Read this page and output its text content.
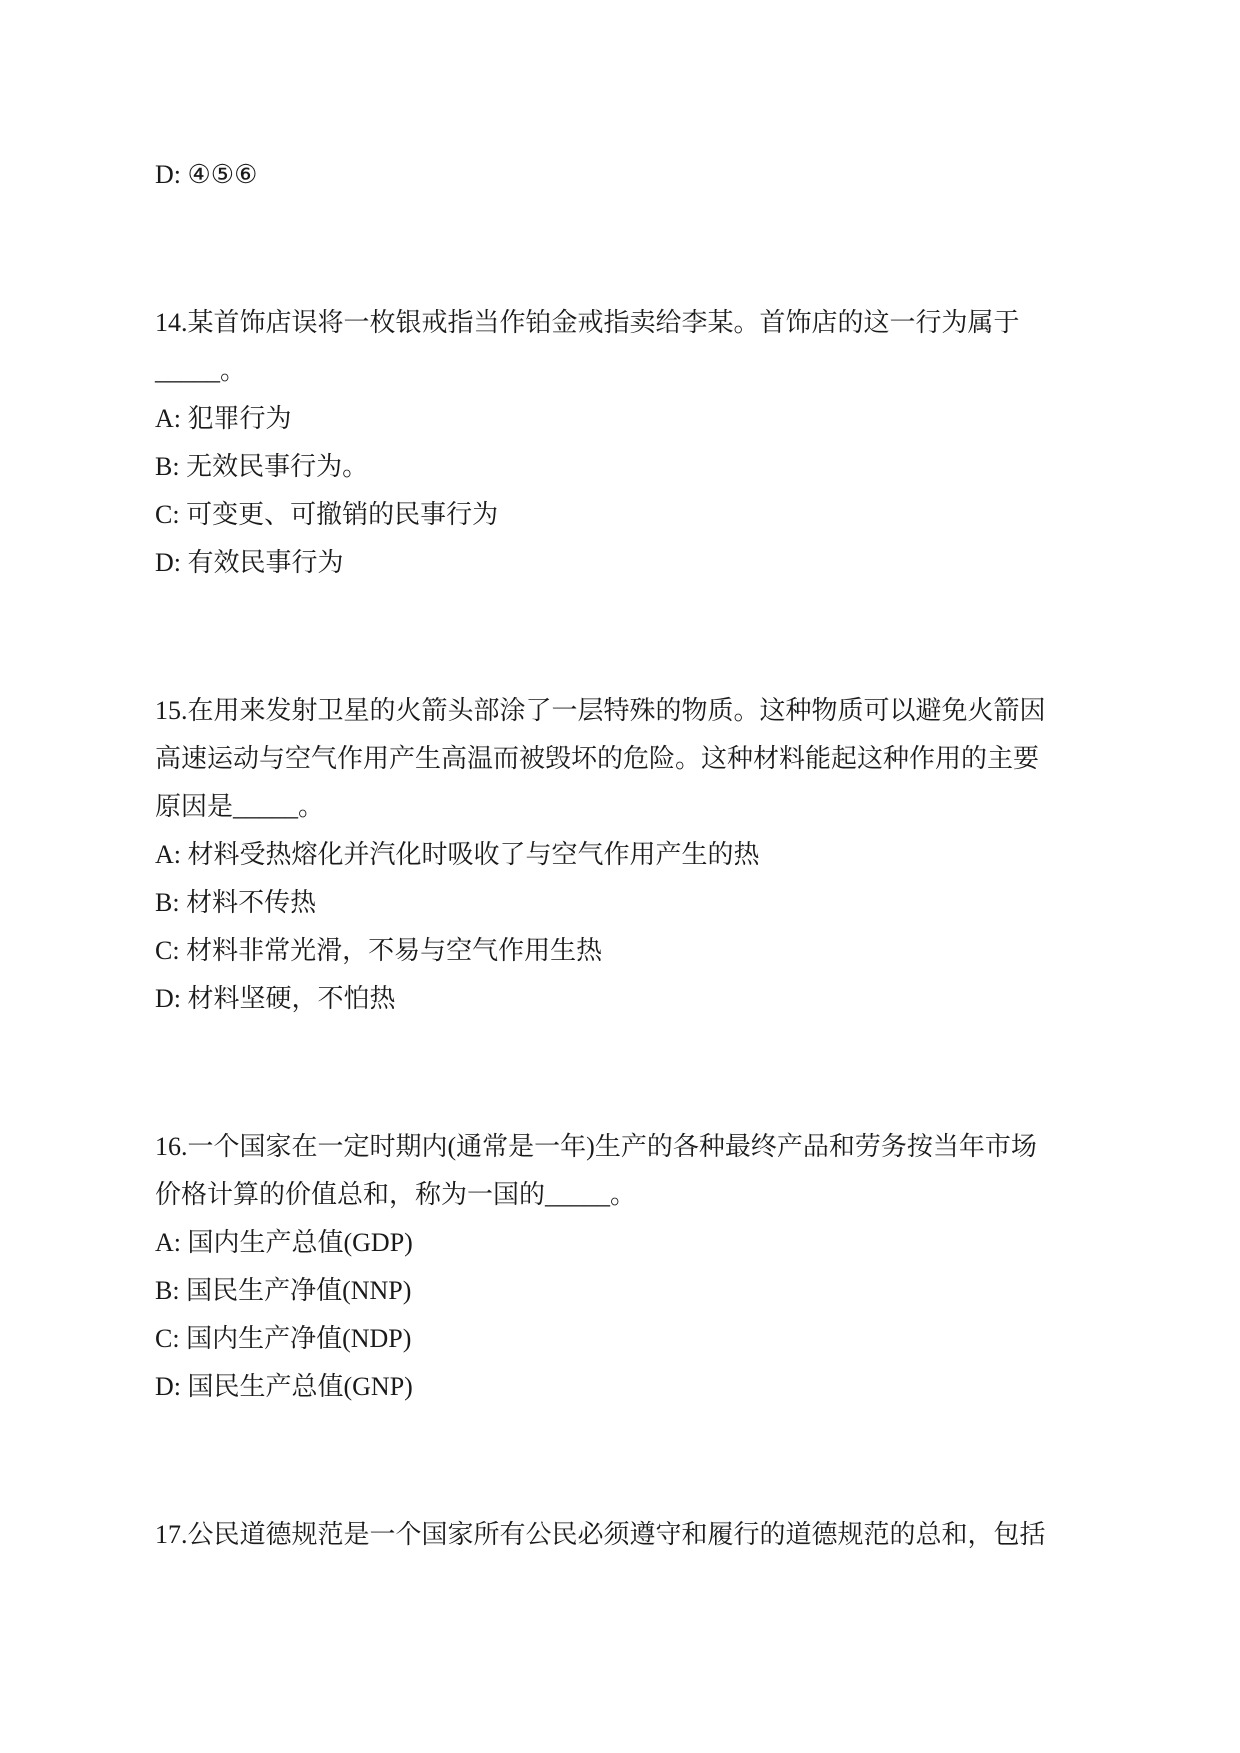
D: ④⑤⑥
14.某首饰店误将一枚银戒指当作铂金戒指卖给李某。首饰店的这一行为属于
_____。
A: 犯罪行为
B: 无效民事行为。
C: 可变更、可撤销的民事行为
D: 有效民事行为
15.在用来发射卫星的火箭头部涂了一层特殊的物质。这种物质可以避免火箭因
高速运动与空气作用产生高温而被毁坏的危险。这种材料能起这种作用的主要
原因是_____。
A: 材料受热熔化并汽化时吸收了与空气作用产生的热
B: 材料不传热
C: 材料非常光滑，不易与空气作用生热
D: 材料坚硬，不怕热
16.一个国家在一定时期内(通常是一年)生产的各种最终产品和劳务按当年市场
价格计算的价值总和，称为一国的_____。
A: 国内生产总值(GDP)
B: 国民生产净值(NNP)
C: 国内生产净值(NDP)
D: 国民生产总值(GNP)
17.公民道德规范是一个国家所有公民必须遵守和履行的道德规范的总和，包括
